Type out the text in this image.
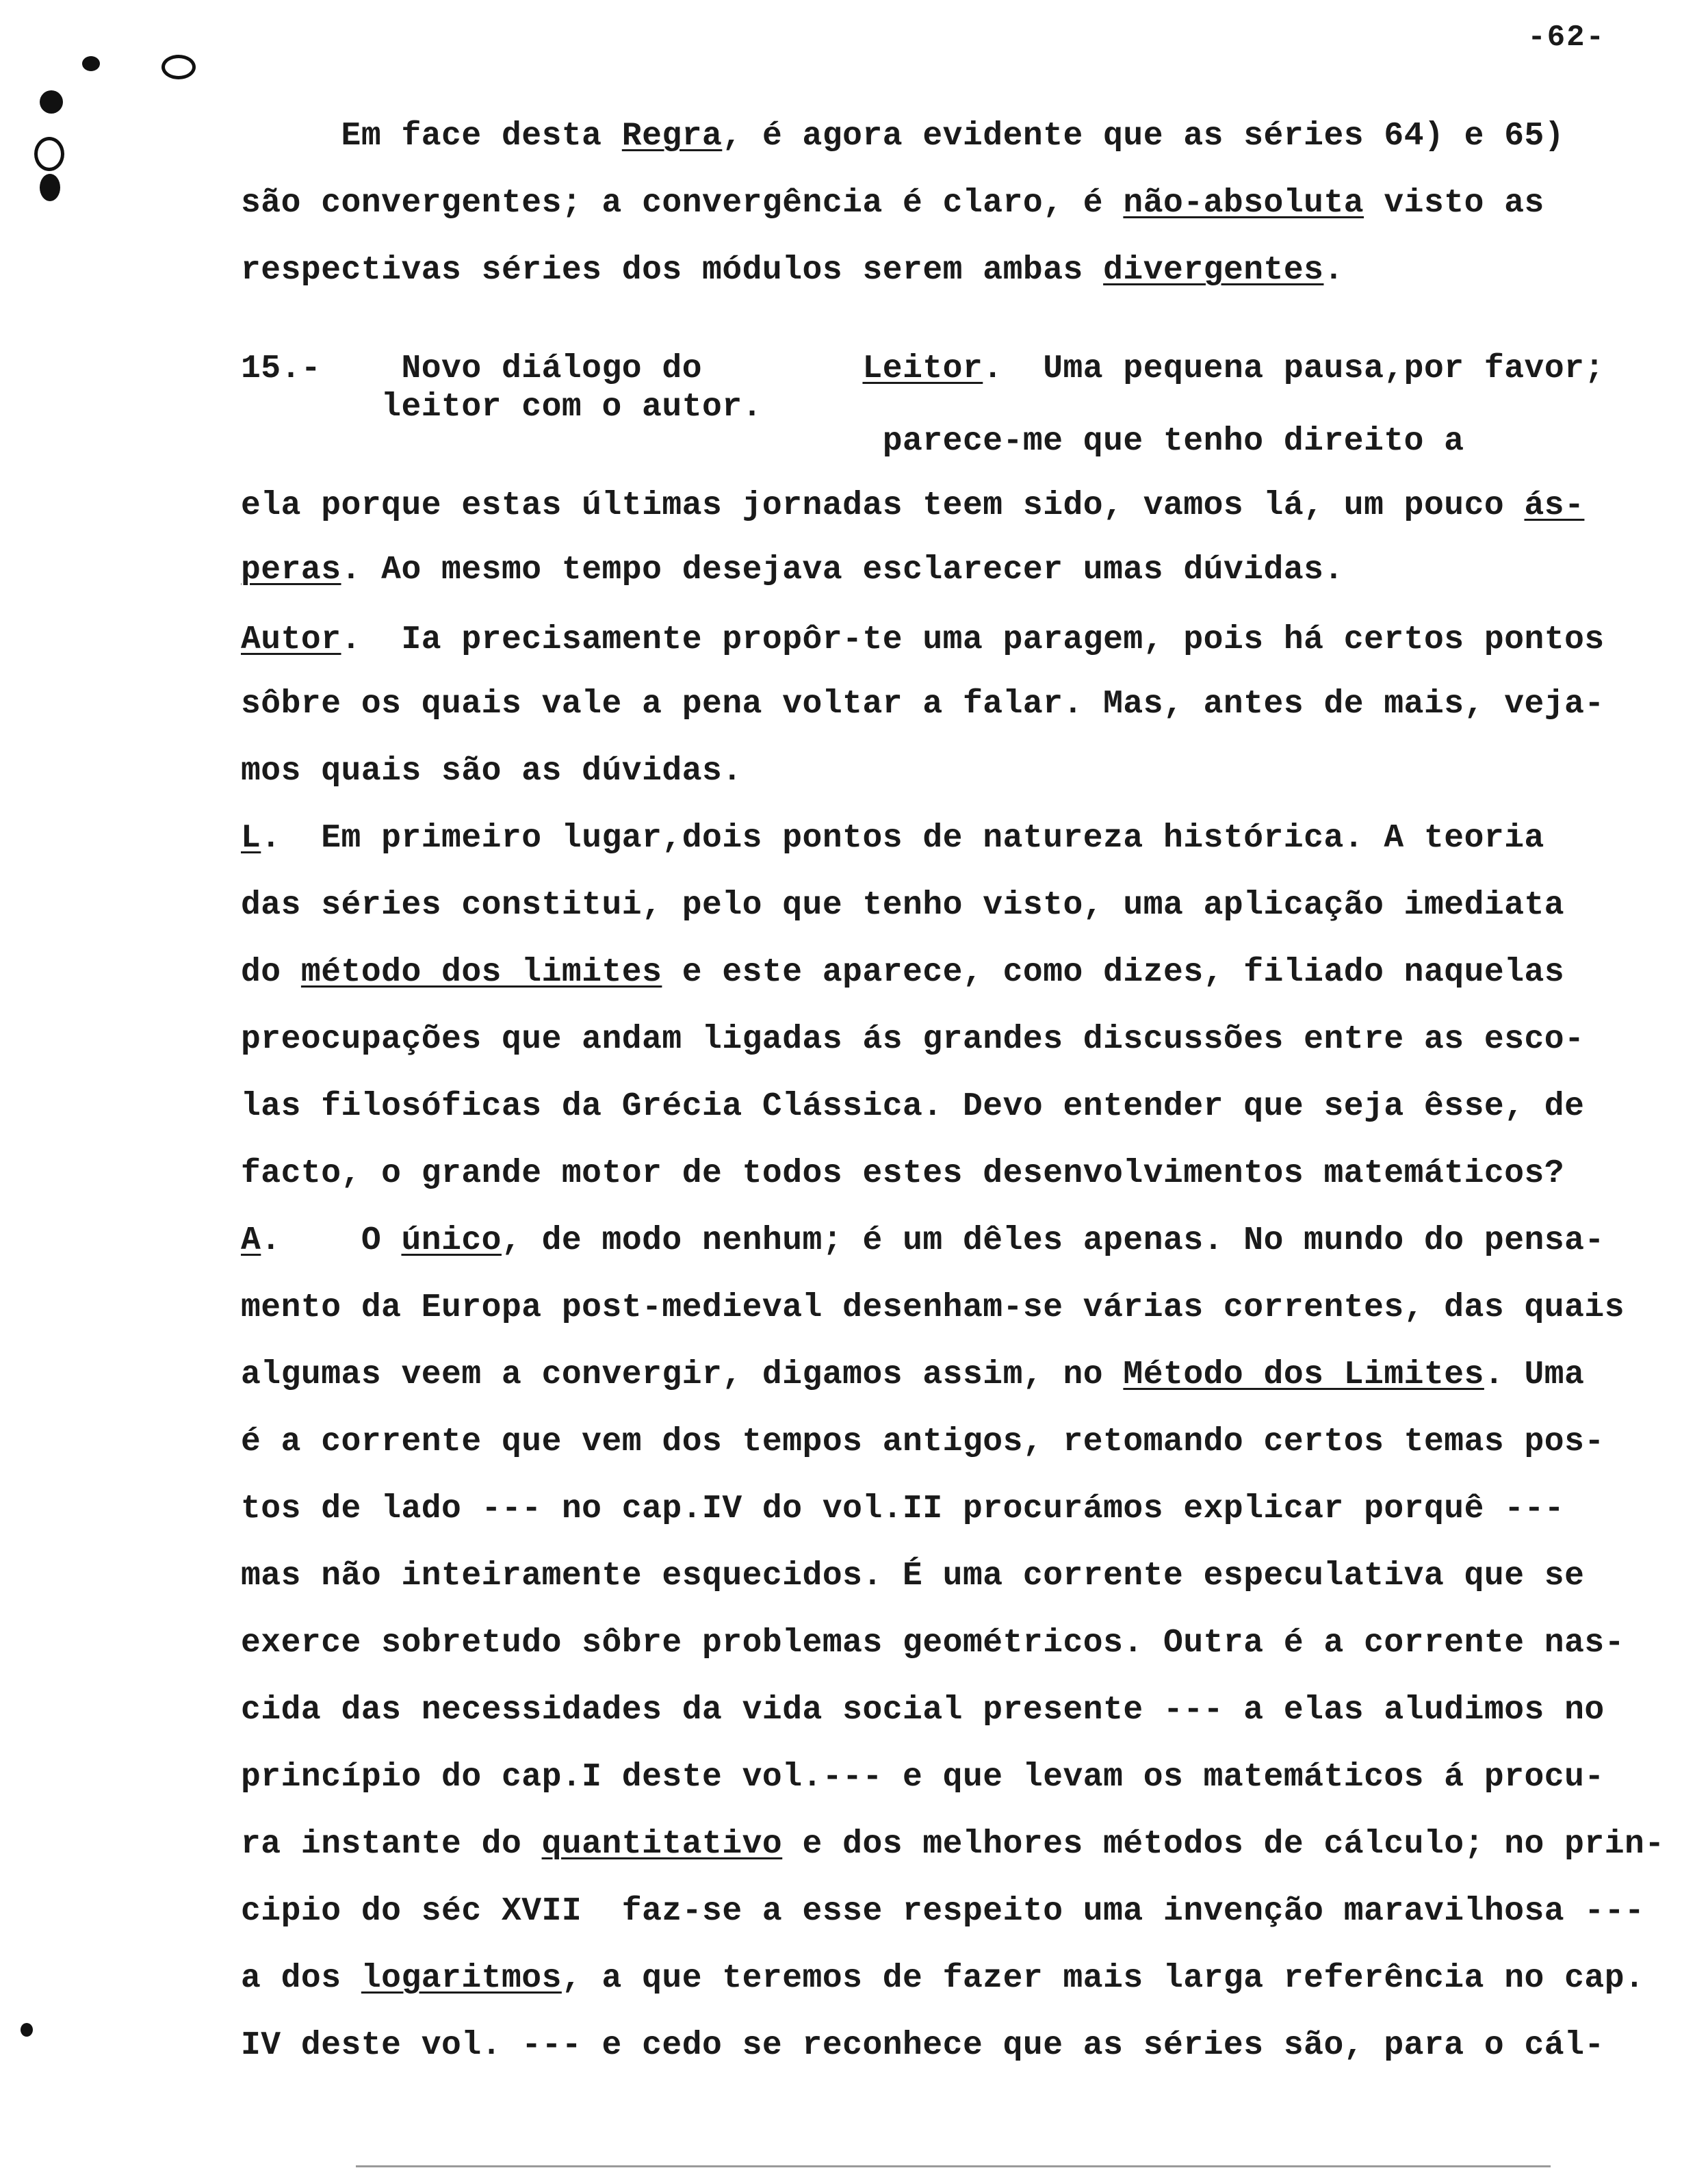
-62-
Em face desta Regra, é agora evidente que as séries 64) e 65)
são convergentes; a convergência é claro, é não-absoluta visto as
respectivas séries dos módulos serem ambas divergentes.
15.-    Novo diálogo do        Leitor.  Uma pequena pausa,por favor;
leitor com o autor.
parece-me que tenho direito a
ela porque estas últimas jornadas teem sido, vamos lá, um pouco ás-
peras. Ao mesmo tempo desejava esclarecer umas dúvidas.
Autor.  Ia precisamente propôr-te uma paragem, pois há certos pontos
sôbre os quais vale a pena voltar a falar. Mas, antes de mais, veja-
mos quais são as dúvidas.
L.  Em primeiro lugar,dois pontos de natureza histórica. A teoria
das séries constitui, pelo que tenho visto, uma aplicação imediata
do método dos limites e este aparece, como dizes, filiado naquelas
preocupações que andam ligadas ás grandes discussões entre as esco-
las filosóficas da Grécia Clássica. Devo entender que seja êsse, de
facto, o grande motor de todos estes desenvolvimentos matemáticos?
A.    O único, de modo nenhum; é um dêles apenas. No mundo do pensa-
mento da Europa post-medieval desenham-se várias correntes, das quais
algumas veem a convergir, digamos assim, no Método dos Limites. Uma
é a corrente que vem dos tempos antigos, retomando certos temas pos-
tos de lado --- no cap.IV do vol.II procurámos explicar porquê ---
mas não inteiramente esquecidos. É uma corrente especulativa que se
exerce sobretudo sôbre problemas geométricos. Outra é a corrente nas-
cida das necessidades da vida social presente --- a elas aludimos no
princípio do cap.I deste vol.--- e que levam os matemáticos á procu-
ra instante do quantitativo e dos melhores métodos de cálculo; no prin-
cipio do séc XVII  faz-se a esse respeito uma invenção maravilhosa ---
a dos logaritmos, a que teremos de fazer mais larga referência no cap.
IV deste vol. --- e cedo se reconhece que as séries são, para o cál-
